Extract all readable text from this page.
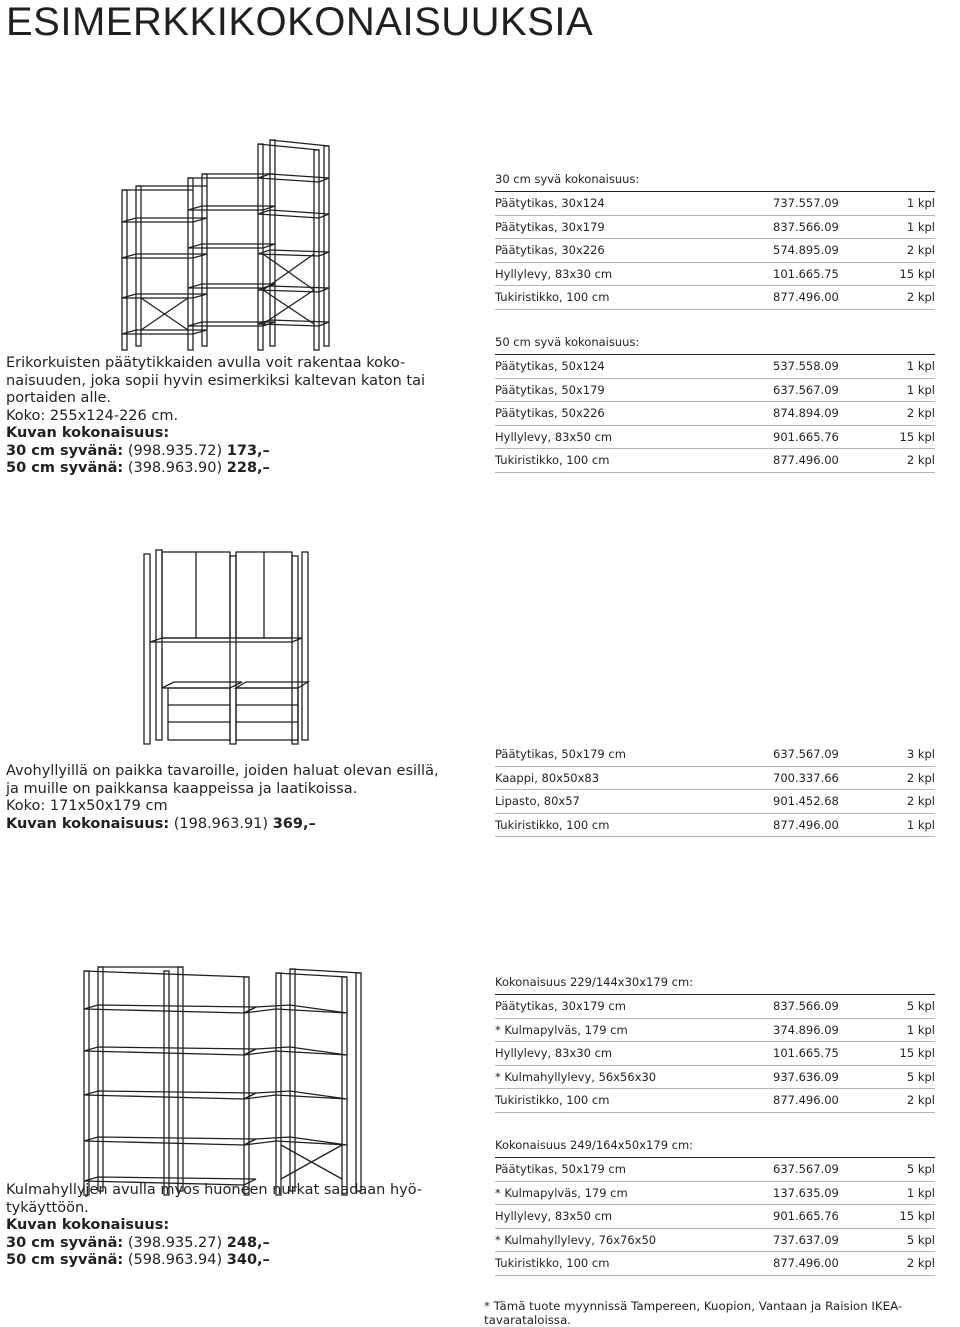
ESIMERKKIKOKONAISUUKSIA
Erikorkuisten päätytikkaiden avulla voit rakentaa koko-
naisuuden, joka sopii hyvin esimerkiksi kaltevan katon tai
portaiden alle.
Koko: 255x124-226 cm.
Kuvan kokonaisuus:
30 cm syvänä: (998.935.72) 173,–
50 cm syvänä: (398.963.90) 228,–
30 cm syvä kokonaisuus:
Päätytikas, 30x124	737.557.09	1 kpl
Päätytikas, 30x179	837.566.09	1 kpl
Päätytikas, 30x226	574.895.09	2 kpl
Hyllylevy, 83x30 cm	101.665.75	15 kpl
Tukiristikko, 100 cm	877.496.00	2 kpl
50 cm syvä kokonaisuus:
Päätytikas, 50x124	537.558.09	1 kpl
Päätytikas, 50x179	637.567.09	1 kpl
Päätytikas, 50x226	874.894.09	2 kpl
Hyllylevy, 83x50 cm	901.665.76	15 kpl
Tukiristikko, 100 cm	877.496.00	2 kpl
Avohyllyillä on paikka tavaroille, joiden haluat olevan esillä,
ja muille on paikkansa kaappeissa ja laatikoissa.
Koko: 171x50x179 cm
Kuvan kokonaisuus: (198.963.91) 369,–
Päätytikas, 50x179 cm	637.567.09	3 kpl
Kaappi, 80x50x83	700.337.66	2 kpl
Lipasto, 80x57	901.452.68	2 kpl
Tukiristikko, 100 cm	877.496.00	1 kpl
Kulmahyllyjen avulla myös huoneen nurkat saadaan hyö-
tykäyttöön.
Kuvan kokonaisuus:
30 cm syvänä: (398.935.27) 248,–
50 cm syvänä: (598.963.94) 340,–
Kokonaisuus 229/144x30x179 cm:
Päätytikas, 30x179 cm	837.566.09	5 kpl
* Kulmapylväs, 179 cm	374.896.09	1 kpl
Hyllylevy, 83x30 cm	101.665.75	15 kpl
* Kulmahyllylevy, 56x56x30	937.636.09	5 kpl
Tukiristikko, 100 cm	877.496.00	2 kpl
Kokonaisuus 249/164x50x179 cm:
Päätytikas, 50x179 cm	637.567.09	5 kpl
* Kulmapylväs, 179 cm	137.635.09	1 kpl
Hyllylevy, 83x50 cm	901.665.76	15 kpl
* Kulmahyllylevy, 76x76x50	737.637.09	5 kpl
Tukiristikko, 100 cm	877.496.00	2 kpl
* Tämä tuote myynnissä Tampereen, Kuopion, Vantaan ja Raision IKEA-tavarataloissa.
